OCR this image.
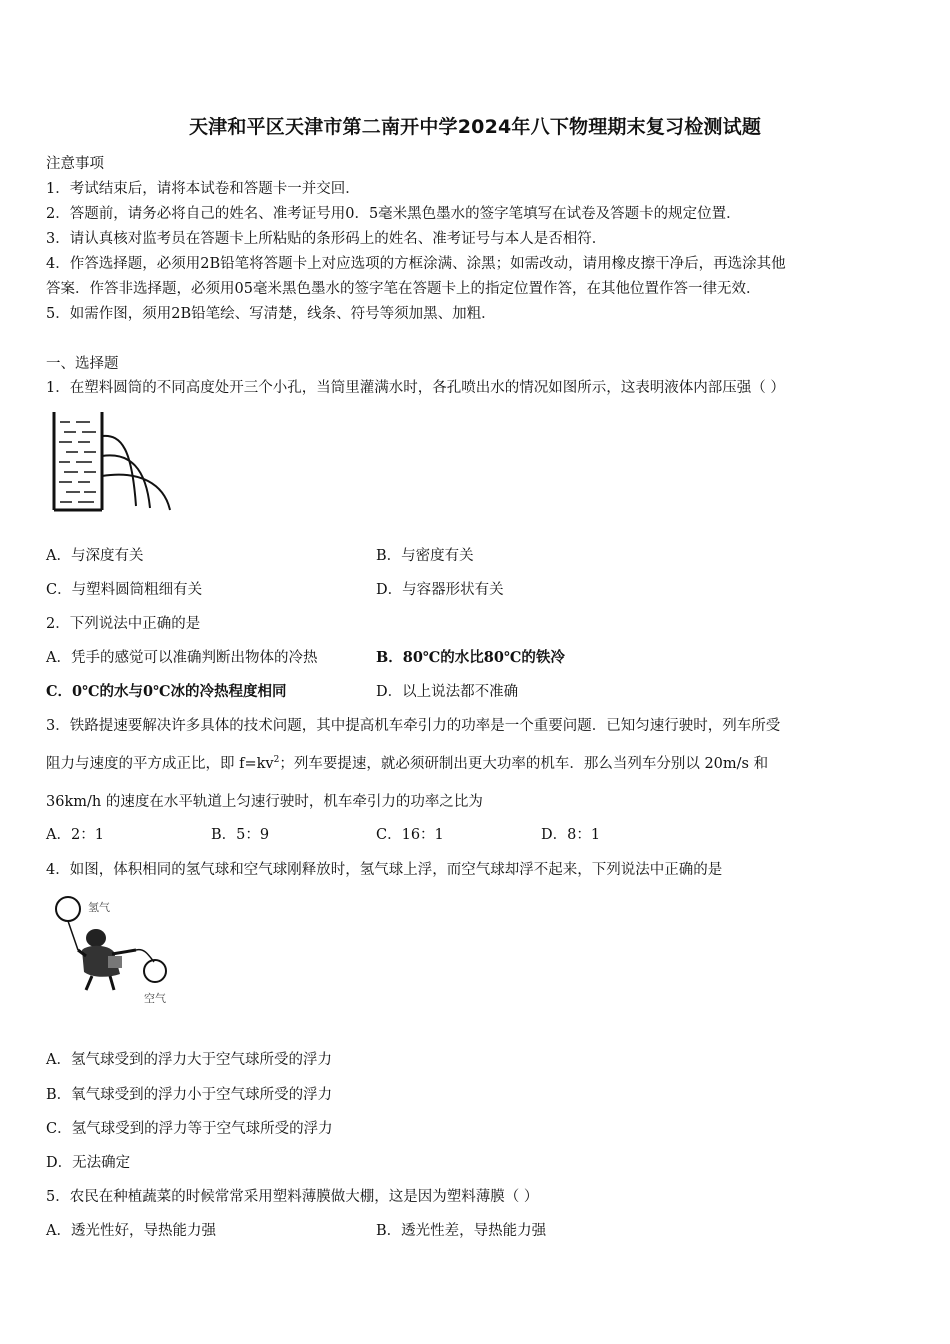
天津和平区天津市第二南开中学2024年八下物理期末复习检测试题
注意事项
1．考试结束后，请将本试卷和答题卡一并交回．
2．答题前，请务必将自己的姓名、准考证号用0．5毫米黑色墨水的签字笔填写在试卷及答题卡的规定位置．
3．请认真核对监考员在答题卡上所粘贴的条形码上的姓名、准考证号与本人是否相符．
4．作答选择题，必须用2B铅笔将答题卡上对应选项的方框涂满、涂黑；如需改动，请用橡皮擦干净后，再选涂其他
答案．作答非选择题，必须用05毫米黑色墨水的签字笔在答题卡上的指定位置作答，在其他位置作答一律无效．
5．如需作图，须用2B铅笔绘、写清楚，线条、符号等须加黑、加粗．
一、选择题
1．在塑料圆筒的不同高度处开三个小孔，当筒里灌满水时，各孔喷出水的情况如图所示，这表明液体内部压强（ ）
A．与深度有关	B．与密度有关
C．与塑料圆筒粗细有关	D．与容器形状有关
2．下列说法中正确的是
A．凭手的感觉可以准确判断出物体的冷热	B．80℃的水比80℃的铁冷
C．0℃的水与0℃冰的冷热程度相同	D．以上说法都不准确
3．铁路提速要解决许多具体的技术问题，其中提高机车牵引力的功率是一个重要问题．已知匀速行驶时，列车所受
阻力与速度的平方成正比，即 $f=kv^2$；列车要提速，就必须研制出更大功率的机车．那么当列车分别以 20m/s 和
36km/h 的速度在水平轨道上匀速行驶时，机车牵引力的功率之比为
A．2：1	B．5：9	C．16：1	D．8：1
4．如图，体积相同的氢气球和空气球刚释放时，氢气球上浮，而空气球却浮不起来，下列说法中正确的是
氢气
空气
A．氢气球受到的浮力大于空气球所受的浮力
B．氧气球受到的浮力小于空气球所受的浮力
C．氢气球受到的浮力等于空气球所受的浮力
D．无法确定
5．农民在种植蔬菜的时候常常采用塑料薄膜做大棚，这是因为塑料薄膜（ ）
A．透光性好，导热能力强	B．透光性差，导热能力强
